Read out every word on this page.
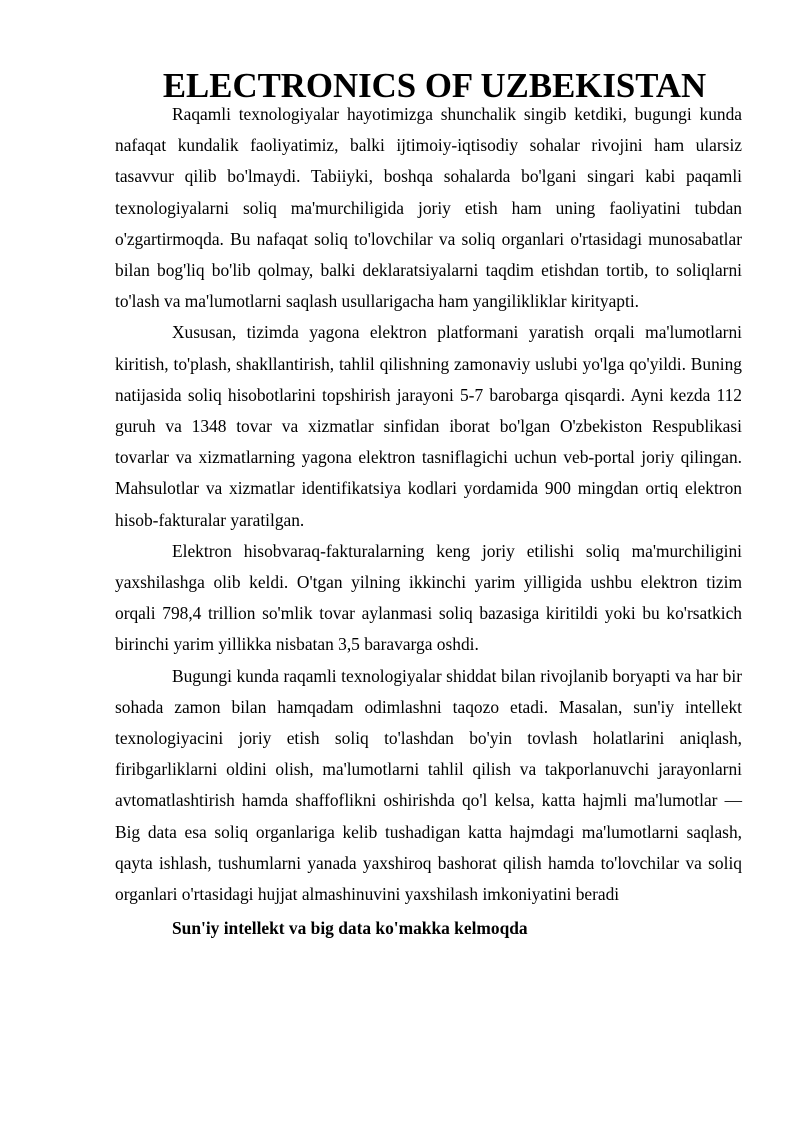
ELECTRONICS OF UZBEKISTAN

Raqamli texnologiyalar hayotimizga shunchalik singib ketdiki, bugungi kunda nafaqat kundalik faoliyatimiz, balki ijtimoiy-iqtisodiy sohalar rivojini ham ularsiz tasavvur qilib bo'lmaydi. Tabiiyki, boshqa sohalarda bo'lgani singari kabi paqamli texnologiyalarni soliq ma'murchiligida joriy etish ham uning faoliyatini tubdan o'zgartirmoqda. Bu nafaqat soliq to'lovchilar va soliq organlari o'rtasidagi munosabatlar bilan bog'liq bo'lib qolmay, balki deklaratsiyalarni taqdim etishdan tortib, to soliqlarni to'lash va ma'lumotlarni saqlash usullarigacha ham yangilikliklar kirityapti.

Xususan, tizimda yagona elektron platformani yaratish orqali ma'lumotlarni kiritish, to'plash, shakllantirish, tahlil qilishning zamonaviy uslubi yo'lga qo'yildi. Buning natijasida soliq hisobotlarini topshirish jarayoni 5-7 barobarga qisqardi. Ayni kezda 112 guruh va 1348 tovar va xizmatlar sinfidan iborat bo'lgan O'zbekiston Respublikasi tovarlar va xizmatlarning yagona elektron tasniflagichi uchun veb-portal joriy qilingan. Mahsulotlar va xizmatlar identifikatsiya kodlari yordamida 900 mingdan ortiq elektron hisob-fakturalar yaratilgan.

Elektron hisobvaraq-fakturalarning keng joriy etilishi soliq ma'murchiligini yaxshilashga olib keldi. O'tgan yilning ikkinchi yarim yilligida ushbu elektron tizim orqali 798,4 trillion so'mlik tovar aylanmasi soliq bazasiga kiritildi yoki bu ko'rsatkich birinchi yarim yillikka nisbatan 3,5 baravarga oshdi.

Bugungi kunda raqamli texnologiyalar shiddat bilan rivojlanib boryapti va har bir sohada zamon bilan hamqadam odimlashni taqozo etadi. Masalan, sun'iy intellekt texnologiyacini joriy etish soliq to'lashdan bo'yin tovlash holatlarini aniqlash, firibgarliklarni oldini olish, ma'lumotlarni tahlil qilish va takporlanuvchi jarayonlarni avtomatlashtirish hamda shaffoflikni oshirishda qo'l kelsa, katta hajmli ma'lumotlar — Big data esa soliq organlariga kelib tushadigan katta hajmdagi ma'lumotlarni saqlash, qayta ishlash, tushumlarni yanada yaxshiroq bashorat qilish hamda to'lovchilar va soliq organlari o'rtasidagi hujjat almashinuvini yaxshilash imkoniyatini beradi

Sun'iy intellekt va big data ko'makka kelmoqda
